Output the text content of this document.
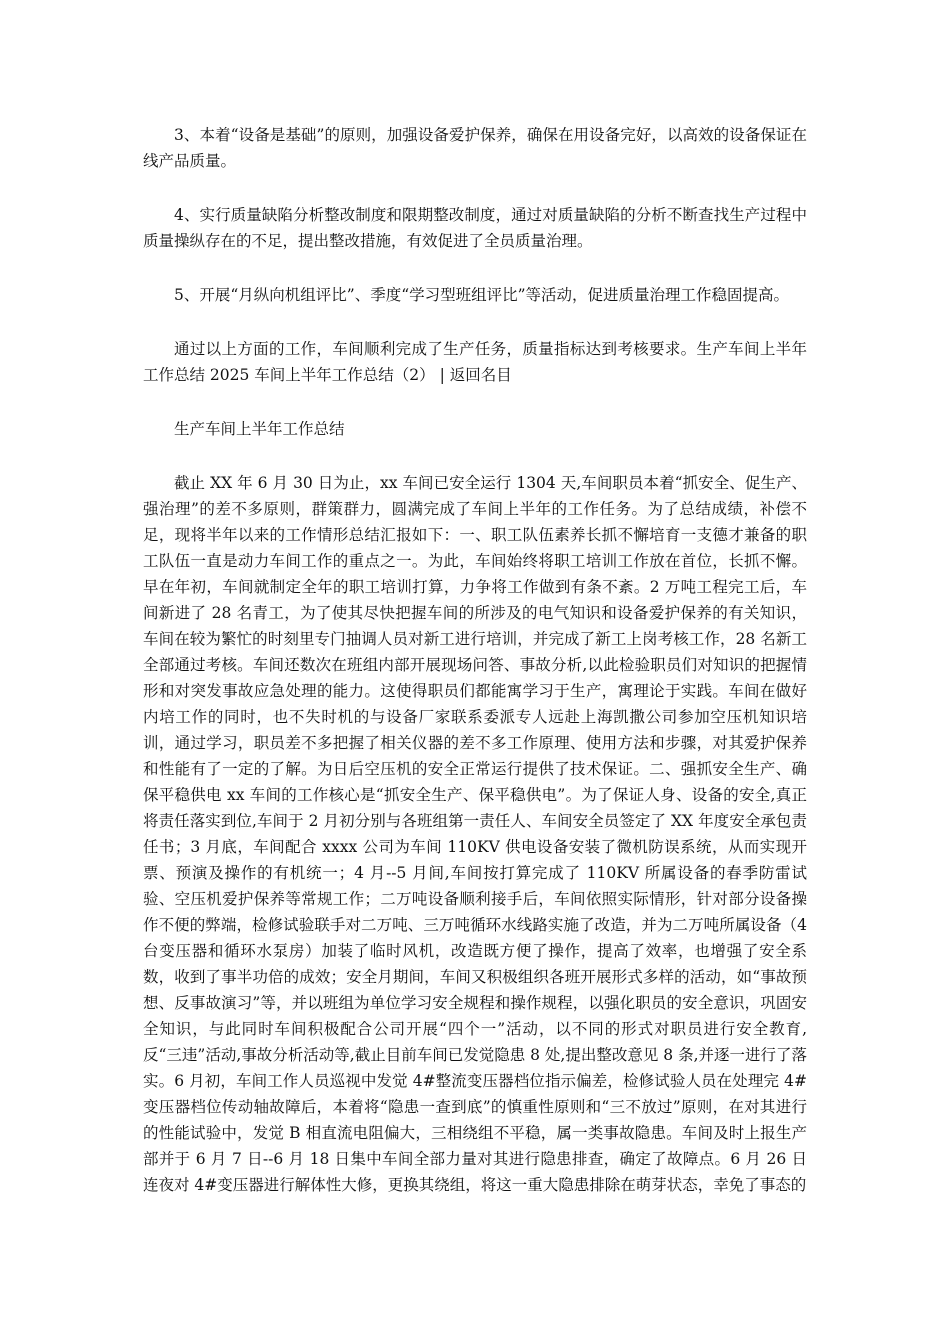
3、本着“设备是基础”的原则，加强设备爱护保养，确保在用设备完好，以高效的设备保证在线产品质量。

4、实行质量缺陷分析整改制度和限期整改制度，通过对质量缺陷的分析不断查找生产过程中质量操纵存在的不足，提出整改措施，有效促进了全员质量治理。

5、开展“月纵向机组评比”、季度“学习型班组评比”等活动，促进质量治理工作稳固提高。

通过以上方面的工作，车间顺利完成了生产任务，质量指标达到考核要求。生产车间上半年工作总结 2025 车间上半年工作总结（2） | 返回名目

生产车间上半年工作总结

截止 XX 年 6 月 30 日为止，xx 车间已安全运行 1304 天,车间职员本着“抓安全、促生产、强治理”的差不多原则，群策群力，圆满完成了车间上半年的工作任务。为了总结成绩，补偿不足，现将半年以来的工作情形总结汇报如下：一、职工队伍素养长抓不懈培育一支德才兼备的职工队伍一直是动力车间工作的重点之一。为此，车间始终将职工培训工作放在首位，长抓不懈。早在年初，车间就制定全年的职工培训打算，力争将工作做到有条不紊。2 万吨工程完工后，车间新进了 28 名青工，为了使其尽快把握车间的所涉及的电气知识和设备爱护保养的有关知识，车间在较为繁忙的时刻里专门抽调人员对新工进行培训，并完成了新工上岗考核工作，28 名新工全部通过考核。车间还数次在班组内部开展现场问答、事故分析,以此检验职员们对知识的把握情形和对突发事故应急处理的能力。这使得职员们都能寓学习于生产，寓理论于实践。车间在做好内培工作的同时，也不失时机的与设备厂家联系委派专人远赴上海凯撒公司参加空压机知识培训，通过学习，职员差不多把握了相关仪器的差不多工作原理、使用方法和步骤，对其爱护保养和性能有了一定的了解。为日后空压机的安全正常运行提供了技术保证。二、强抓安全生产、确保平稳供电 xx 车间的工作核心是“抓安全生产、保平稳供电”。为了保证人身、设备的安全,真正将责任落实到位,车间于 2 月初分别与各班组第一责任人、车间安全员签定了 XX 年度安全承包责任书；3 月底，车间配合 xxxx 公司为车间 110KV 供电设备安装了微机防误系统，从而实现开票、预演及操作的有机统一；4 月--5 月间,车间按打算完成了 110KV 所属设备的春季防雷试验、空压机爱护保养等常规工作；二万吨设备顺利接手后，车间依照实际情形，针对部分设备操作不便的弊端，检修试验联手对二万吨、三万吨循环水线路实施了改造，并为二万吨所属设备（4 台变压器和循环水泵房）加装了临时风机，改造既方便了操作，提高了效率，也增强了安全系数，收到了事半功倍的成效；安全月期间，车间又积极组织各班开展形式多样的活动，如“事故预想、反事故演习”等，并以班组为单位学习安全规程和操作规程，以强化职员的安全意识，巩固安全知识，与此同时车间积极配合公司开展“四个一”活动，以不同的形式对职员进行安全教育,反“三违”活动,事故分析活动等,截止目前车间已发觉隐患 8 处,提出整改意见 8 条,并逐一进行了落实。6 月初，车间工作人员巡视中发觉 4#整流变压器档位指示偏差，检修试验人员在处理完 4#变压器档位传动轴故障后，本着将“隐患一查到底”的慎重性原则和“三不放过”原则，在对其进行的性能试验中，发觉 B 相直流电阻偏大，三相绕组不平稳，属一类事故隐患。车间及时上报生产部并于 6 月 7 日--6 月 18 日集中车间全部力量对其进行隐患排查，确定了故障点。6 月 26 日连夜对 4#变压器进行解体性大修，更换其绕组，将这一重大隐患排除在萌芽状态，幸免了事态的
